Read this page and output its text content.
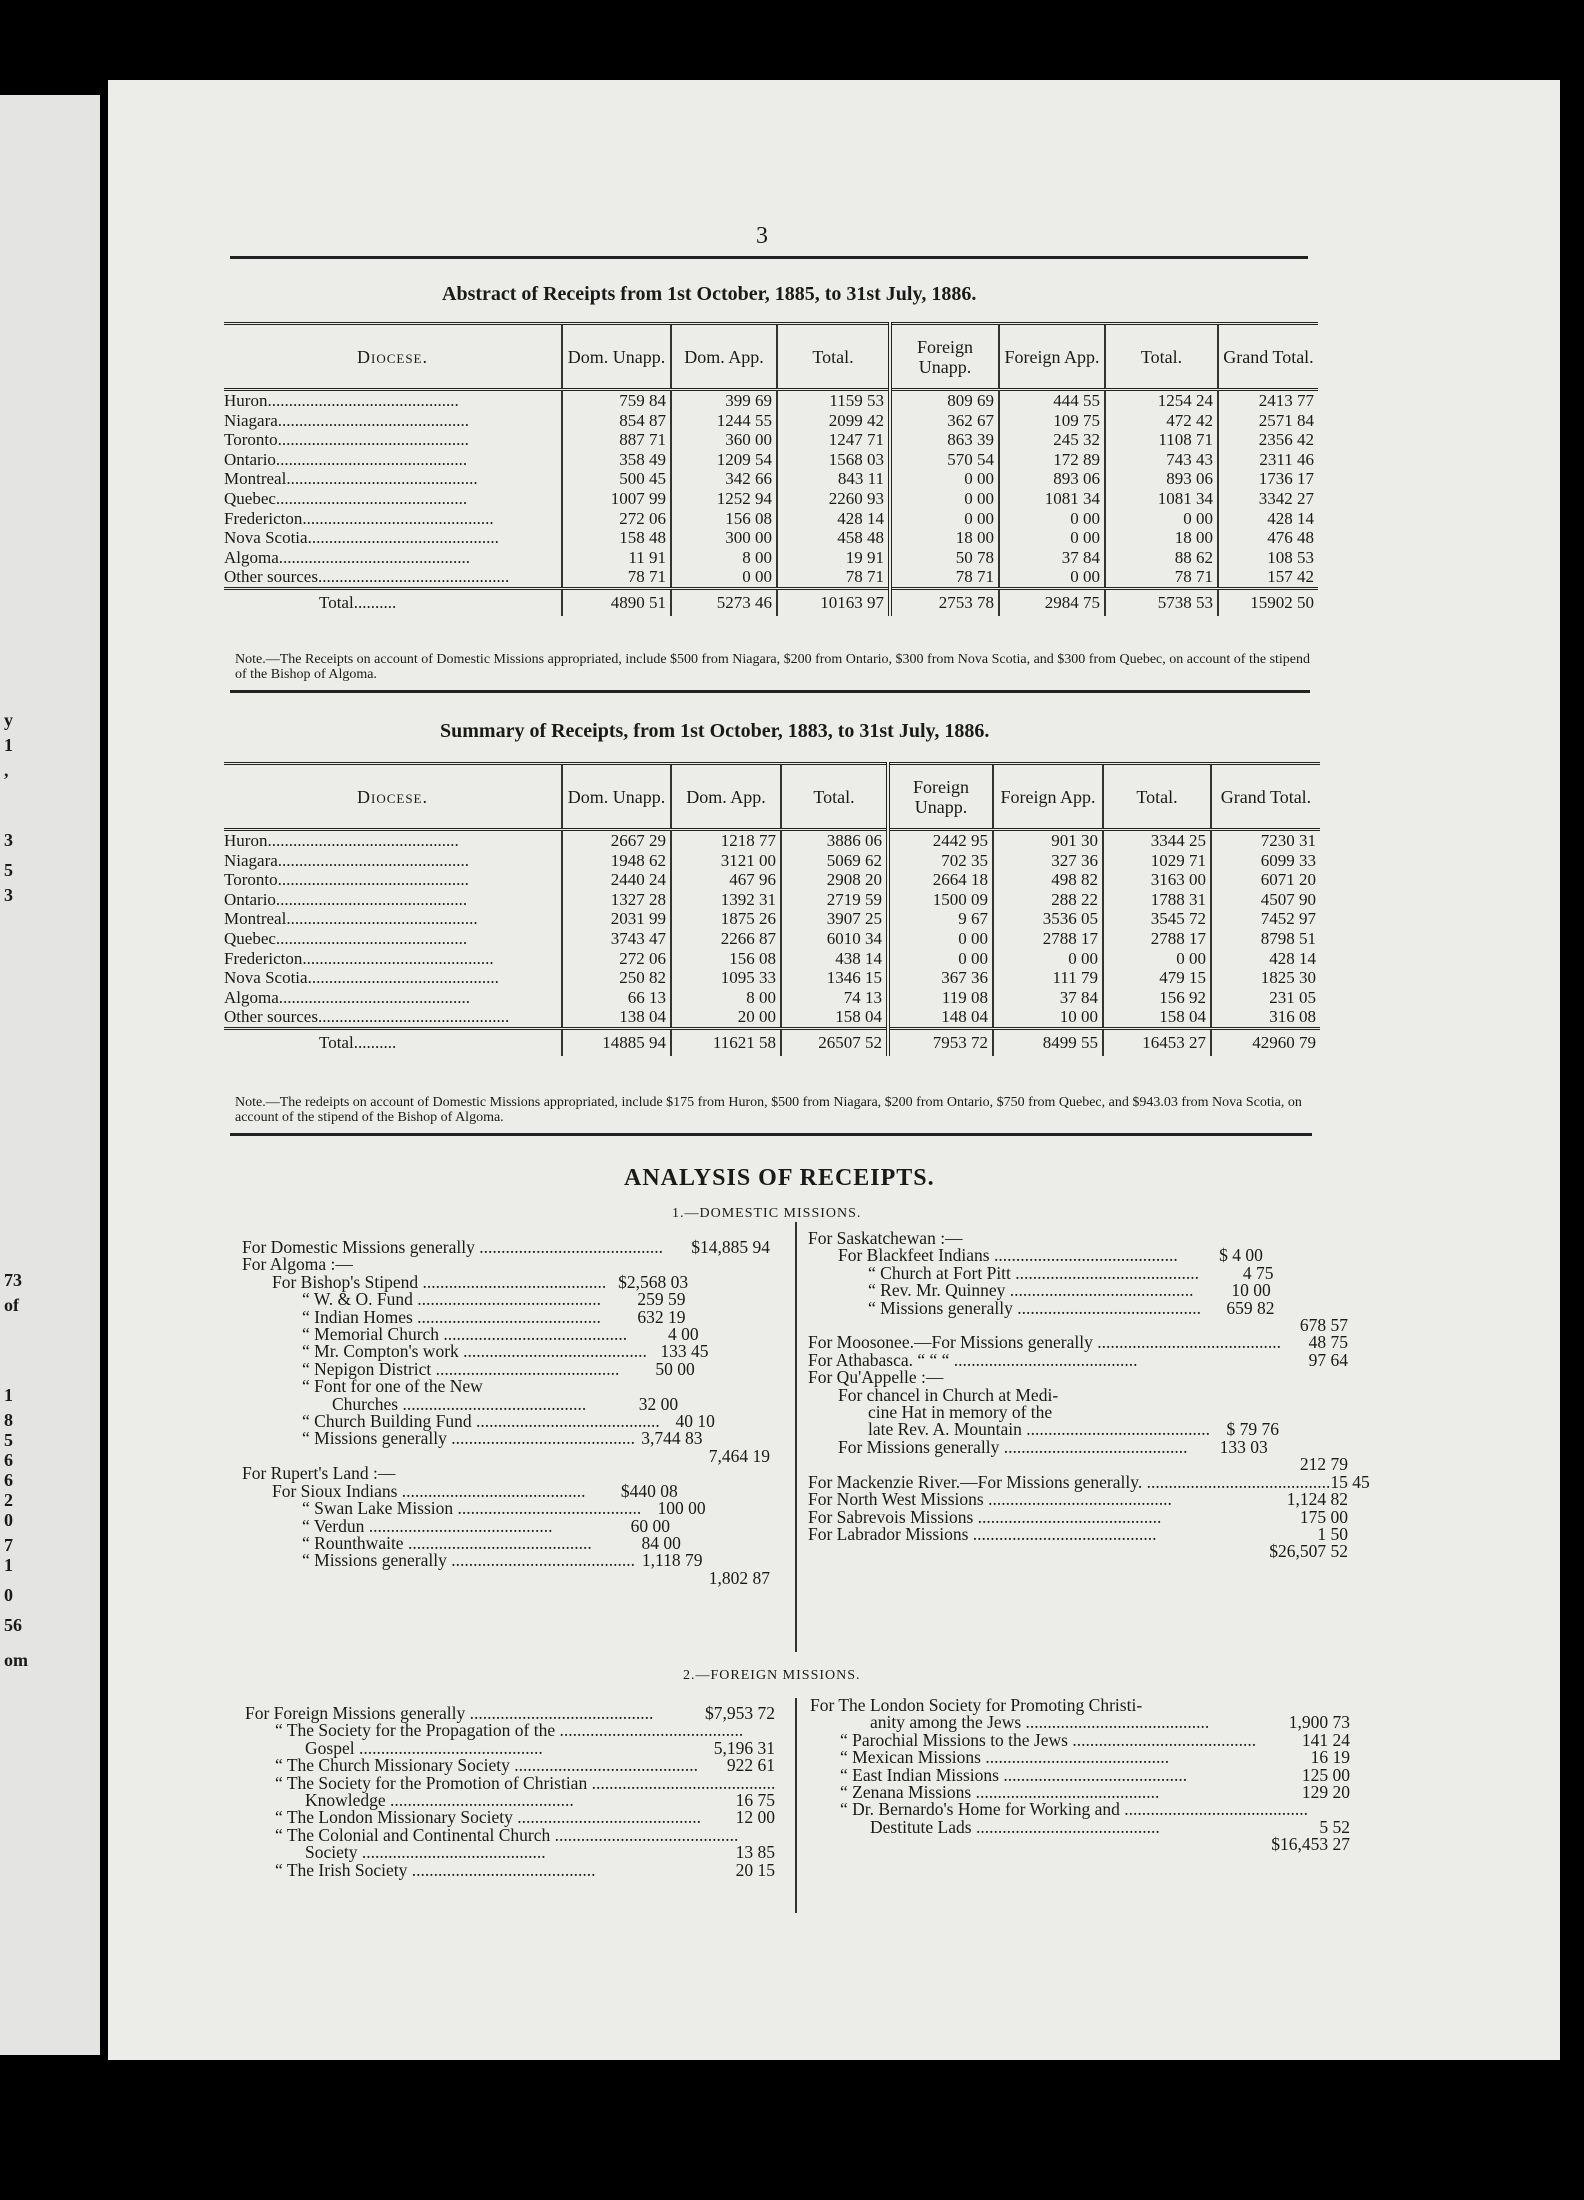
y
1
,
3
5
3
73
of
1
8
5
6
6
2
0
7
1
0
56
om
3
Abstract of Receipts from 1st October, 1885, to 31st July, 1886.
Diocese.	Dom. Unapp.	Dom. App.	Total.	Foreign Unapp.	Foreign App.	Total.	Grand Total.
Huron.............................................	759 84	399 69	1159 53	809 69	444 55	1254 24	2413 77
Niagara.............................................	854 87	1244 55	2099 42	362 67	109 75	472 42	2571 84
Toronto.............................................	887 71	360 00	1247 71	863 39	245 32	1108 71	2356 42
Ontario.............................................	358 49	1209 54	1568 03	570 54	172 89	743 43	2311 46
Montreal.............................................	500 45	342 66	843 11	0 00	893 06	893 06	1736 17
Quebec.............................................	1007 99	1252 94	2260 93	0 00	1081 34	1081 34	3342 27
Fredericton.............................................	272 06	156 08	428 14	0 00	0 00	0 00	428 14
Nova Scotia.............................................	158 48	300 00	458 48	18 00	0 00	18 00	476 48
Algoma.............................................	11 91	8 00	19 91	50 78	37 84	88 62	108 53
Other sources.............................................	78 71	0 00	78 71	78 71	0 00	78 71	157 42
Total..........	4890 51	5273 46	10163 97	2753 78	2984 75	5738 53	15902 50
Note.—The Receipts on account of Domestic Missions appropriated, include $500 from Niagara, $200 from Ontario, $300 from Nova Scotia, and $300 from Quebec, on account of the stipend of the Bishop of Algoma.
Summary of Receipts, from 1st October, 1883, to 31st July, 1886.
Diocese.	Dom. Unapp.	Dom. App.	Total.	Foreign Unapp.	Foreign App.	Total.	Grand Total.
Huron.............................................	2667 29	1218 77	3886 06	2442 95	901 30	3344 25	7230 31
Niagara.............................................	1948 62	3121 00	5069 62	702 35	327 36	1029 71	6099 33
Toronto.............................................	2440 24	467 96	2908 20	2664 18	498 82	3163 00	6071 20
Ontario.............................................	1327 28	1392 31	2719 59	1500 09	288 22	1788 31	4507 90
Montreal.............................................	2031 99	1875 26	3907 25	9 67	3536 05	3545 72	7452 97
Quebec.............................................	3743 47	2266 87	6010 34	0 00	2788 17	2788 17	8798 51
Fredericton.............................................	272 06	156 08	438 14	0 00	0 00	0 00	428 14
Nova Scotia.............................................	250 82	1095 33	1346 15	367 36	111 79	479 15	1825 30
Algoma.............................................	66 13	8 00	74 13	119 08	37 84	156 92	231 05
Other sources.............................................	138 04	20 00	158 04	148 04	10 00	158 04	316 08
Total..........	14885 94	11621 58	26507 52	7953 72	8499 55	16453 27	42960 79
Note.—The redeipts on account of Domestic Missions appropriated, include $175 from Huron, $500 from Niagara, $200 from Ontario, $750 from Quebec, and $943.03 from Nova Scotia, on account of the stipend of the Bishop of Algoma.
ANALYSIS OF RECEIPTS.
1.—DOMESTIC MISSIONS.
For Domestic Missions generally .......................................... $14,885 94
For Algoma :—
For Bishop's Stipend .......................................... $2,568 03
“ W. & O. Fund ..........................................	259 59
“ Indian Homes ..........................................	632 19
“ Memorial Church ..........................................	4 00
“ Mr. Compton's work .......................................... 133 45
“ Nepigon District ..........................................	50 00
“ Font for one of the New
Churches ..........................................	32 00
“ Church Building Fund .......................................... 40 10
“ Missions generally .......................................... 3,744 83
7,464 19
For Rupert's Land :—
For Sioux Indians ..........................................	$440 08
“ Swan Lake Mission .......................................... 100 00
“ Verdun ..........................................	60 00
“ Rounthwaite ..........................................	84 00
“ Missions generally .......................................... 1,118 79
1,802 87
For Saskatchewan :—
For Blackfeet Indians ..........................................	$ 4 00
“ Church at Fort Pitt ..........................................	4 75
“ Rev. Mr. Quinney ..........................................	10 00
“ Missions generally ..........................................	659 82
678 57
For Moosonee.—For Missions generally .......................................... 48 75
For Athabasca. “ “ “ ..........................................	97 64
For Qu'Appelle :—
For chancel in Church at Medi-
cine Hat in memory of the
late Rev. A. Mountain .......................................... $ 79 76
For Missions generally ..........................................	133 03
212 79
For Mackenzie River.—For Missions generally. .......................................... 15 45
For North West Missions ..........................................	1,124 82
For Sabrevois Missions ..........................................	175 00
For Labrador Missions ..........................................	1 50
$26,507 52
2.—FOREIGN MISSIONS.
For Foreign Missions generally ..........................................	$7,953 72
“ The Society for the Propagation of the ..........................................
Gospel ..........................................	5,196 31
“ The Church Missionary Society ..........................................	922 61
“ The Society for the Promotion of Christian ..........................................
Knowledge ..........................................	16 75
“ The London Missionary Society ..........................................	12 00
“ The Colonial and Continental Church ..........................................
Society ..........................................	13 85
“ The Irish Society ..........................................	20 15
For The London Society for Promoting Christi-
anity among the Jews ..........................................	1,900 73
“ Parochial Missions to the Jews ..........................................	141 24
“ Mexican Missions ..........................................	16 19
“ East Indian Missions ..........................................	125 00
“ Zenana Missions ..........................................	129 20
“ Dr. Bernardo's Home for Working and ..........................................
Destitute Lads ..........................................	5 52
$16,453 27
